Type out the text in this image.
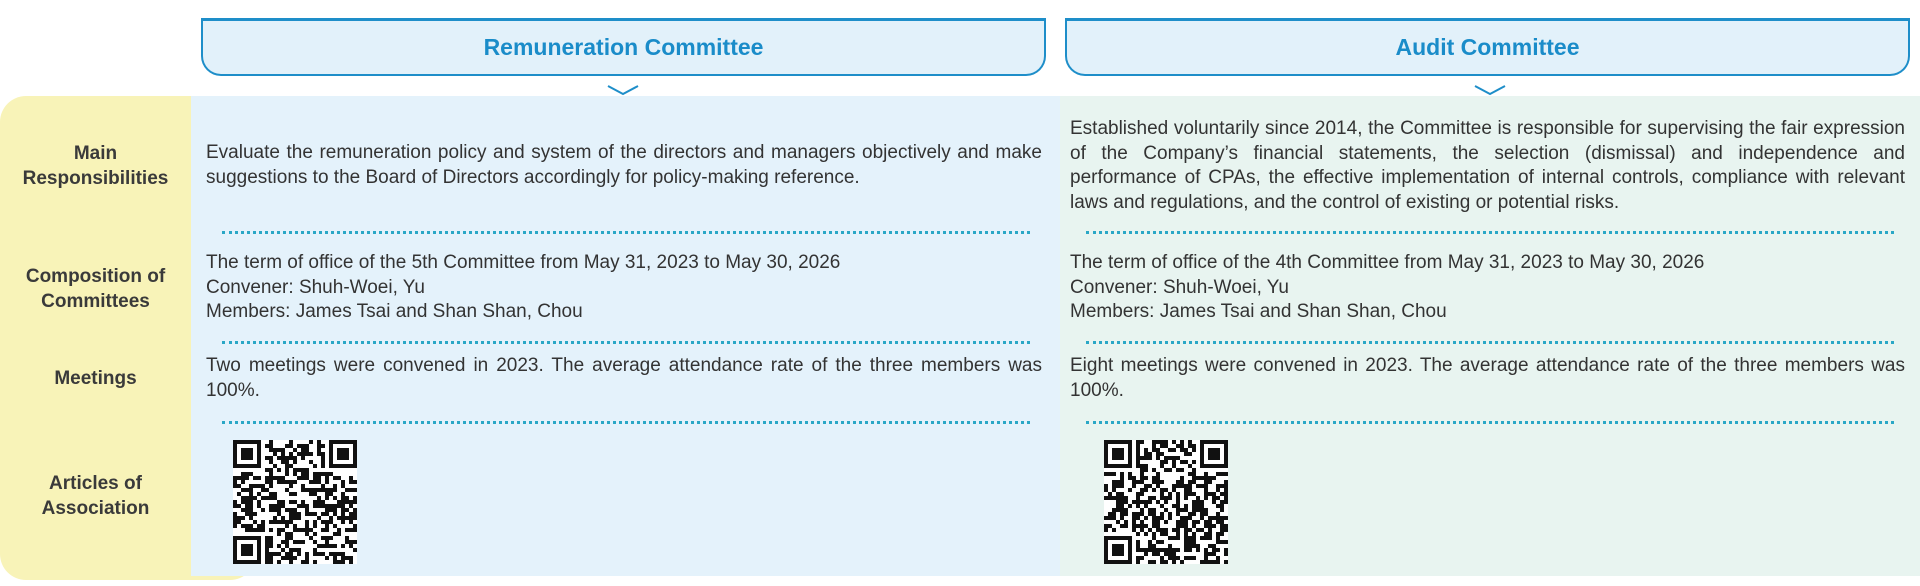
Remuneration Committee	Audit Committee
Main
Responsibilities
Composition of
Committees
Meetings
Articles of
Association

Evaluate the remuneration policy and system of the directors and managers objectively and make suggestions to the Board of Directors accordingly for policy-making reference.

The term of office of the 5th Committee from May 31, 2023 to May 30, 2026
Convener: Shuh-Woei, Yu
Members: James Tsai and Shan Shan, Chou

Two meetings were convened in 2023. The average attendance rate of the three members was 100%.

Established voluntarily since 2014, the Committee is responsible for supervising the fair expression of the Company’s financial statements, the selection (dismissal) and independence and performance of CPAs, the effective implementation of internal controls, compliance with relevant laws and regulations, and the control of existing or potential risks.

The term of office of the 4th Committee from May 31, 2023 to May 30, 2026
Convener: Shuh-Woei, Yu
Members: James Tsai and Shan Shan, Chou

Eight meetings were convened in 2023. The average attendance rate of the three members was 100%.
